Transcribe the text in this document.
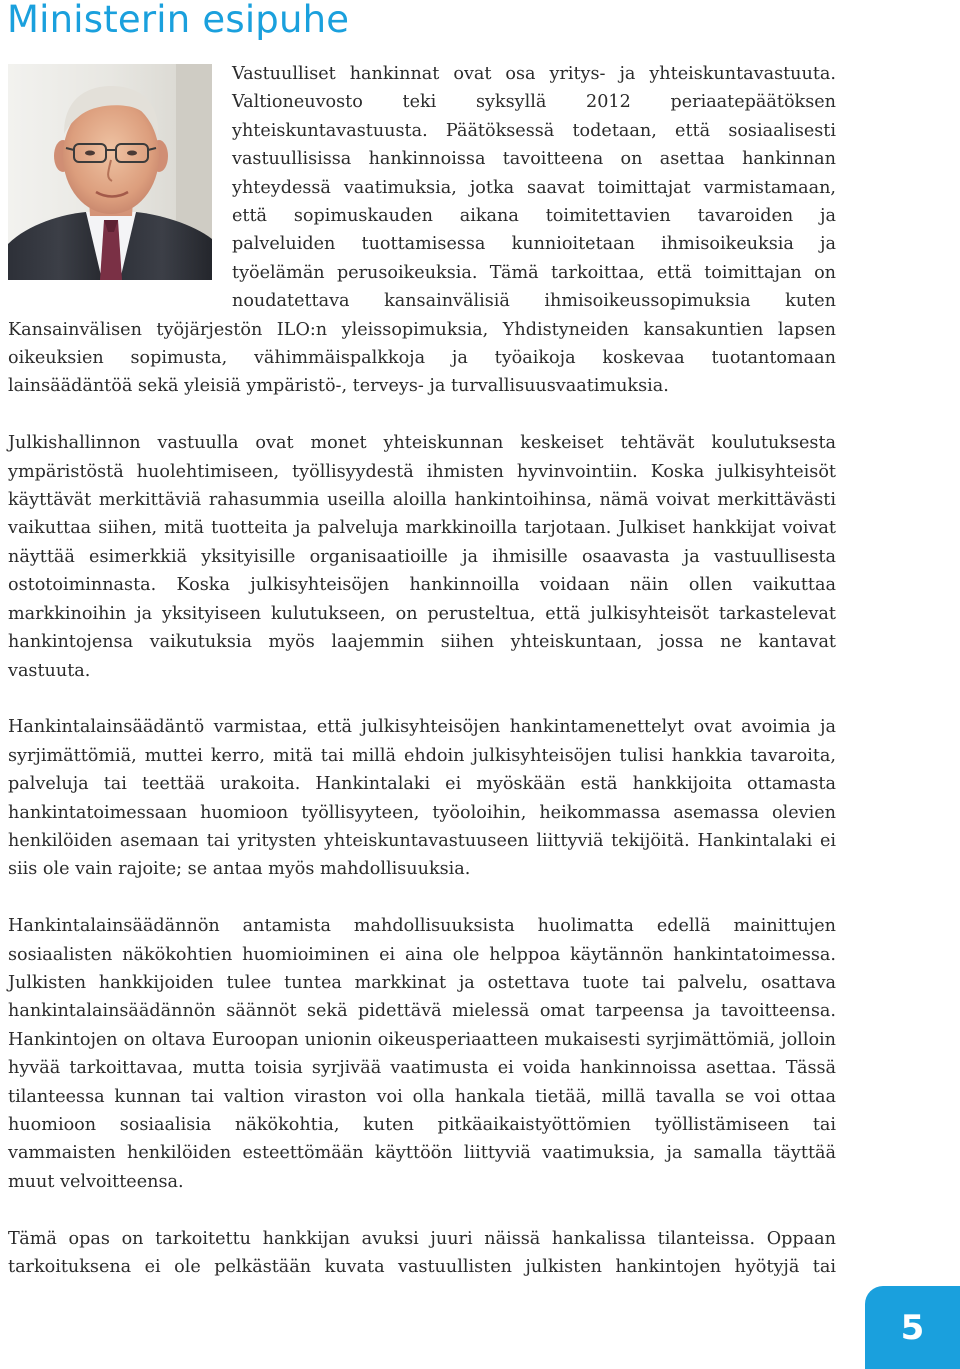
Ministerin esipuhe

Vastuulliset hankinnat ovat osa yritys- ja yhteiskuntavastuuta. Valtioneuvosto teki syksyllä 2012 periaatepäätöksen yhteiskuntavastuusta. Päätöksessä todetaan, että sosiaalisesti vastuullisissa hankinnoissa tavoitteena on asettaa hankinnan yhteydessä vaatimuksia, jotka saavat toimittajat varmistamaan, että sopimuskauden aikana toimitettavien tavaroiden ja palveluiden tuottamisessa kunnioitetaan ihmisoikeuksia ja työelämän perusoikeuksia. Tämä tarkoittaa, että toimittajan on noudatettava kansainvälisiä ihmisoikeussopimuksia kuten Kansainvälisen työjärjestön ILO:n yleissopimuksia, Yhdistyneiden kansakuntien lapsen oikeuksien sopimusta, vähimmäispalkkoja ja työaikoja koskevaa tuotantomaan lainsäädäntöä sekä yleisiä ympäristö-, terveys- ja turvallisuusvaatimuksia.

Julkishallinnon vastuulla ovat monet yhteiskunnan keskeiset tehtävät koulutuksesta ympäristöstä huolehtimiseen, työllisyydestä ihmisten hyvinvointiin. Koska julkisyhteisöt käyttävät merkittäviä rahasummia useilla aloilla hankintoihinsa, nämä voivat merkittävästi vaikuttaa siihen, mitä tuotteita ja palveluja markkinoilla tarjotaan. Julkiset hankkijat voivat näyttää esimerkkiä yksityisille organisaatioille ja ihmisille osaavasta ja vastuullisesta ostotoiminnasta. Koska julkisyhteisöjen hankinnoilla voidaan näin ollen vaikuttaa markkinoihin ja yksityiseen kulutukseen, on perusteltua, että julkisyhteisöt tarkastelevat hankintojensa vaikutuksia myös laajemmin siihen yhteiskuntaan, jossa ne kantavat vastuuta.

Hankintalainsäädäntö varmistaa, että julkisyhteisöjen hankintamenettelyt ovat avoimia ja syrjimättömiä, muttei kerro, mitä tai millä ehdoin julkisyhteisöjen tulisi hankkia tavaroita, palveluja tai teettää urakoita. Hankintalaki ei myöskään estä hankkijoita ottamasta hankintatoimessaan huomioon työllisyyteen, työoloihin, heikommassa asemassa olevien henkilöiden asemaan tai yritysten yhteiskuntavastuuseen liittyviä tekijöitä. Hankintalaki ei siis ole vain rajoite; se antaa myös mahdollisuuksia.

Hankintalainsäädännön antamista mahdollisuuksista huolimatta edellä mainittujen sosiaalisten näkökohtien huomioiminen ei aina ole helppoa käytännön hankintatoimessa. Julkisten hankkijoiden tulee tuntea markkinat ja ostettava tuote tai palvelu, osattava hankintalainsäädännön säännöt sekä pidettävä mielessä omat tarpeensa ja tavoitteensa. Hankintojen on oltava Euroopan unionin oikeusperiaatteen mukaisesti syrjimättömiä, jolloin hyvää tarkoittavaa, mutta toisia syrjivää vaatimusta ei voida hankinnoissa asettaa. Tässä tilanteessa kunnan tai valtion viraston voi olla hankala tietää, millä tavalla se voi ottaa huomioon sosiaalisia näkökohtia, kuten pitkäaikaistyöttömien työllistämiseen tai vammaisten henkilöiden esteettömään käyttöön liittyviä vaatimuksia, ja samalla täyttää muut velvoitteensa.

Tämä opas on tarkoitettu hankkijan avuksi juuri näissä hankalissa tilanteissa. Oppaan tarkoituksena ei ole pelkästään kuvata vastuullisten julkisten hankintojen hyötyjä tai

5
